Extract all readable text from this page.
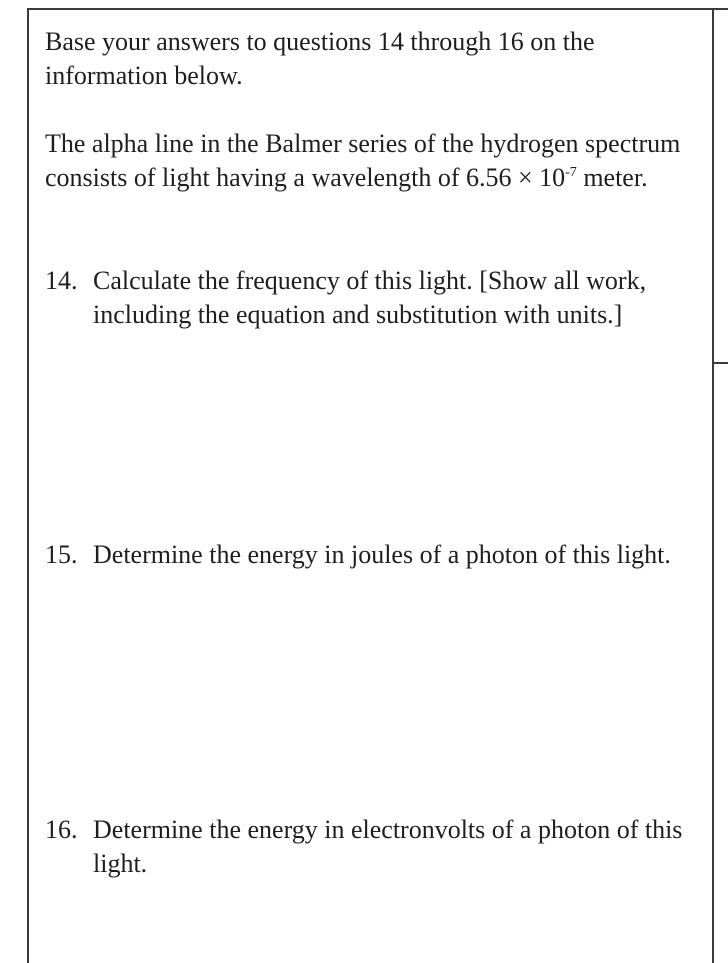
Base your answers to questions 14 through 16 on the information below.

The alpha line in the Balmer series of the hydrogen spectrum consists of light having a wavelength of $6.56 \times 10^{-7}$ meter.

14. Calculate the frequency of this light. [Show all work, including the equation and substitution with units.]
15. Determine the energy in joules of a photon of this light.
16. Determine the energy in electronvolts of a photon of this light.
